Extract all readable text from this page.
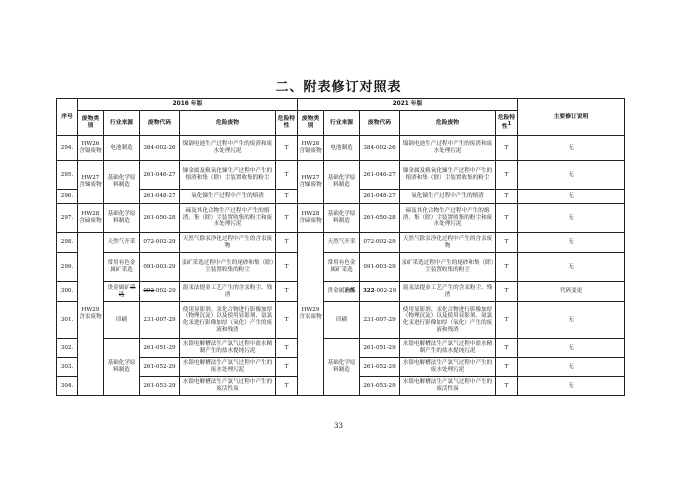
二、附表修订对照表
序号	2016 年版					2021 年版					主要修订说明
	废物类别	行业来源	废物代码	危险废物	危险特性	废物类别	行业来源	废物代码	危险废物	危险特性$^1$
294.	HW26含镉废物	电池制造	384-002-26	镍镉电池生产过程中产生的废渣和废水处理污泥	T	HW26含镉废物	电池制造	384-002-26	镍镉电池生产过程中产生的废渣和废水处理污泥	T	无
295.	HW27含锑废物	基础化学原料制造	261-046-27	锑金属及粗氧化锑生产过程中产生的熔渣和集（除）尘装置收集的粉尘	T	HW27含锑废物	基础化学原料制造	261-046-27	锑金属及粗氧化锑生产过程中产生的熔渣和集（除）尘装置收集的粉尘	T	无
296.			261-048-27	氧化锑生产过程中产生的熔渣	T			261-048-27	氧化锑生产过程中产生的熔渣	T	无
297.	HW28含碲废物	基础化学原料制造	261-050-28	碲及其化合物生产过程中产生的熔渣、集（除）尘装置收集的粉尘和废水处理污泥	T	HW28含碲废物	基础化学原料制造	261-050-28	碲及其化合物生产过程中产生的熔渣、集（除）尘装置收集的粉尘和废水处理污泥	T	无
298.	HW29含汞废物	天然气开采	072-002-29	天然气除汞净化过程中产生的含汞废物	T	HW29含汞废物	天然气开采	072-002-29	天然气除汞净化过程中产生的含汞废物	T	无
299.		常用有色金属矿采选	091-003-29	汞矿采选过程中产生的尾砂和集（除）尘装置收集的粉尘	T		常用有色金属矿采选	091-003-29	汞矿采选过程中产生的尾砂和集（除）尘装置收集的粉尘	T	无
300.		贵金属矿采选	092-002-29	混汞法提金工艺产生的含汞粉尘、残渣	T		贵金属冶炼	322-002-29	混汞法提金工艺产生的含汞粉尘、残渣	T	代码变更
301.		印刷	231-007-29	使用显影剂、汞化合物进行影像加厚（物理沉淀）以及使用显影剂、氨氯化汞进行影像加厚（氧化）产生的废液和残渣	T		印刷	231-007-29	使用显影剂、汞化合物进行影像加厚（物理沉淀）以及使用显影剂、氨氯化汞进行影像加厚（氧化）产生的废液和残渣	T	无
302.		基础化学原料制造	261-051-29	水银电解槽法生产氯气过程中盐水精制产生的盐水提纯污泥	T		基础化学原料制造	261-051-29	水银电解槽法生产氯气过程中盐水精制产生的盐水提纯污泥	T	无
303.			261-052-29	水银电解槽法生产氯气过程中产生的废水处理污泥	T			261-052-29	水银电解槽法生产氯气过程中产生的废水处理污泥	T	无
304.			261-053-29	水银电解槽法生产氯气过程中产生的废活性炭	T			261-053-29	水银电解槽法生产氯气过程中产生的废活性炭	T	无
33
